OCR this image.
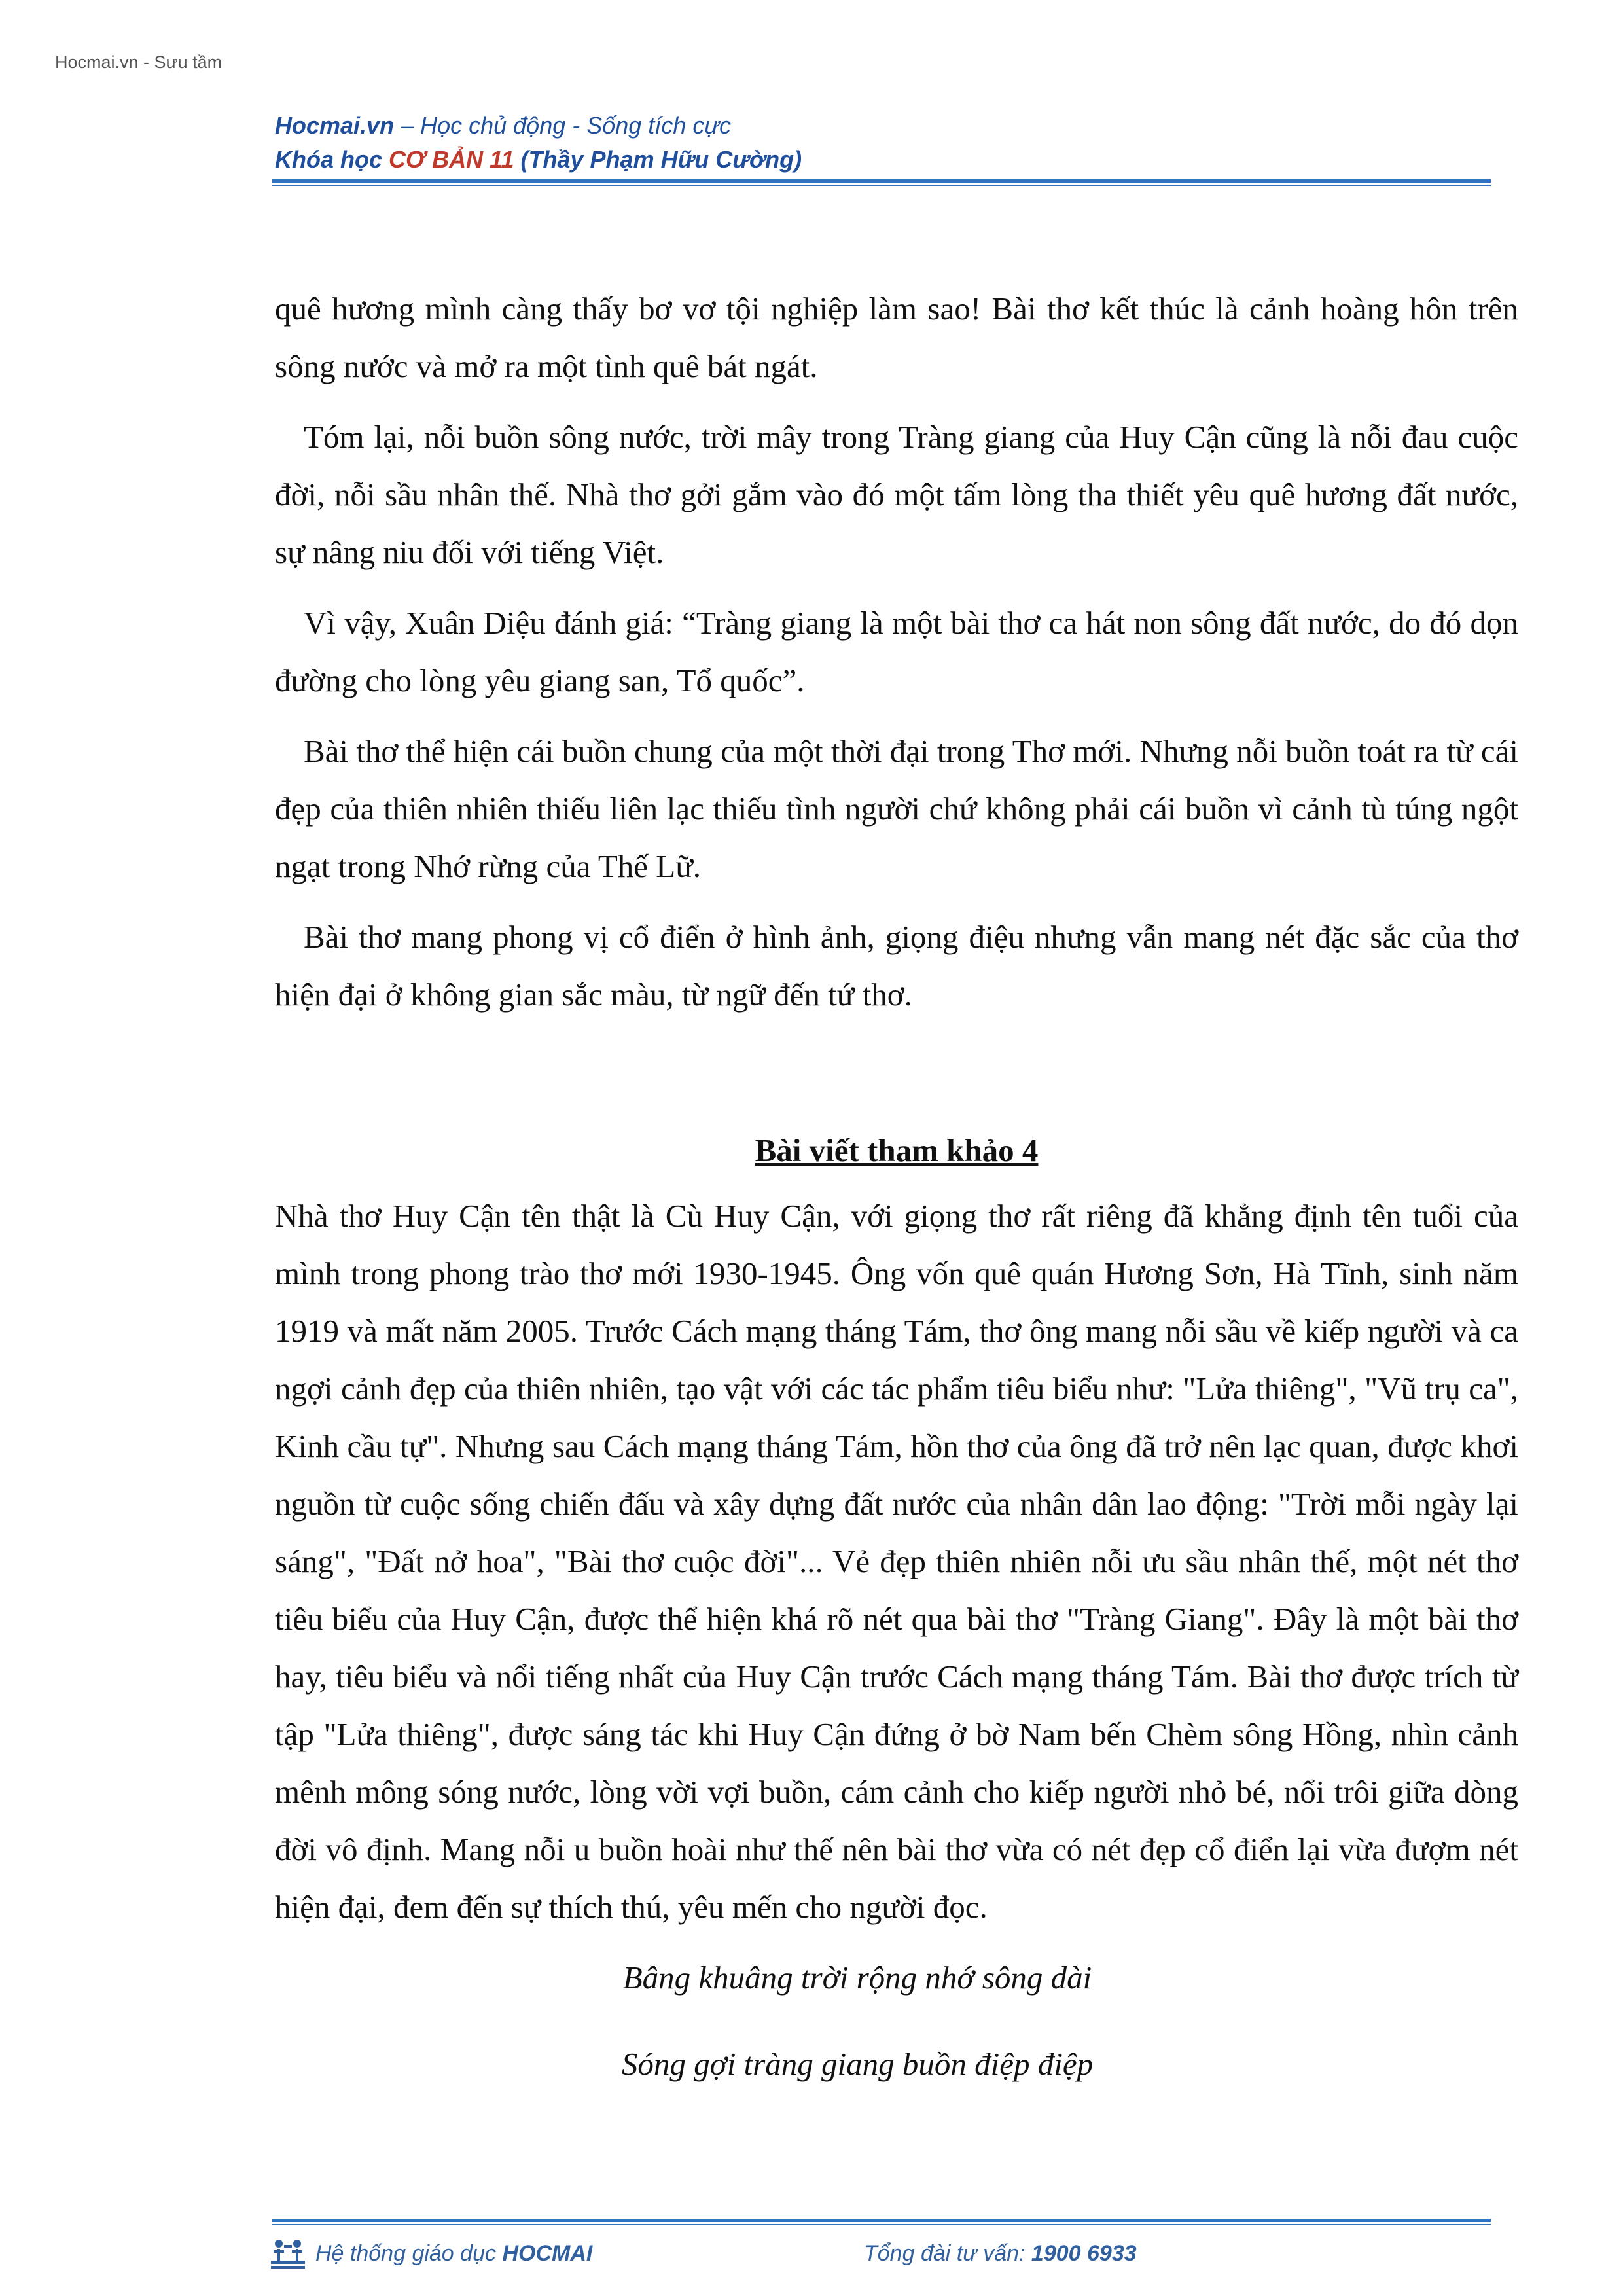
Hocmai.vn - Sưu tầm
Hocmai.vn – Học chủ động - Sống tích cực
Khóa học CƠ BẢN 11 (Thầy Phạm Hữu Cường)

quê hương mình càng thấy bơ vơ tội nghiệp làm sao! Bài thơ kết thúc là cảnh hoàng hôn trên sông nước và mở ra một tình quê bát ngát.

Tóm lại, nỗi buồn sông nước, trời mây trong Tràng giang của Huy Cận cũng là nỗi đau cuộc đời, nỗi sầu nhân thế. Nhà thơ gởi gắm vào đó một tấm lòng tha thiết yêu quê hương đất nước, sự nâng niu đối với tiếng Việt.

Vì vậy, Xuân Diệu đánh giá: “Tràng giang là một bài thơ ca hát non sông đất nước, do đó dọn đường cho lòng yêu giang san, Tổ quốc”.

Bài thơ thể hiện cái buồn chung của một thời đại trong Thơ mới. Nhưng nỗi buồn toát ra từ cái đẹp của thiên nhiên thiếu liên lạc thiếu tình người chứ không phải cái buồn vì cảnh tù túng ngột ngạt trong Nhớ rừng của Thế Lữ.

Bài thơ mang phong vị cổ điển ở hình ảnh, giọng điệu nhưng vẫn mang nét đặc sắc của thơ hiện đại ở không gian sắc màu, từ ngữ đến tứ thơ.

Bài viết tham khảo 4

Nhà thơ Huy Cận tên thật là Cù Huy Cận, với giọng thơ rất riêng đã khẳng định tên tuổi của mình trong phong trào thơ mới 1930-1945. Ông vốn quê quán Hương Sơn, Hà Tĩnh, sinh năm 1919 và mất năm 2005. Trước Cách mạng tháng Tám, thơ ông mang nỗi sầu về kiếp người và ca ngợi cảnh đẹp của thiên nhiên, tạo vật với các tác phẩm tiêu biểu như: "Lửa thiêng", "Vũ trụ ca", Kinh cầu tự". Nhưng sau Cách mạng tháng Tám, hồn thơ của ông đã trở nên lạc quan, được khơi nguồn từ cuộc sống chiến đấu và xây dựng đất nước của nhân dân lao động: "Trời mỗi ngày lại sáng", "Đất nở hoa", "Bài thơ cuộc đời"... Vẻ đẹp thiên nhiên nỗi ưu sầu nhân thế, một nét thơ tiêu biểu của Huy Cận, được thể hiện khá rõ nét qua bài thơ "Tràng Giang". Đây là một bài thơ hay, tiêu biểu và nổi tiếng nhất của Huy Cận trước Cách mạng tháng Tám. Bài thơ được trích từ tập "Lửa thiêng", được sáng tác khi Huy Cận đứng ở bờ Nam bến Chèm sông Hồng, nhìn cảnh mênh mông sóng nước, lòng vời vợi buồn, cám cảnh cho kiếp người nhỏ bé, nổi trôi giữa dòng đời vô định. Mang nỗi u buồn hoài như thế nên bài thơ vừa có nét đẹp cổ điển lại vừa đượm nét hiện đại, đem đến sự thích thú, yêu mến cho người đọc.

Bâng khuâng trời rộng nhớ sông dài
Sóng gợi tràng giang buồn điệp điệp
Hệ thống giáo dục HOCMAI	Tổng đài tư vấn: 1900 6933
